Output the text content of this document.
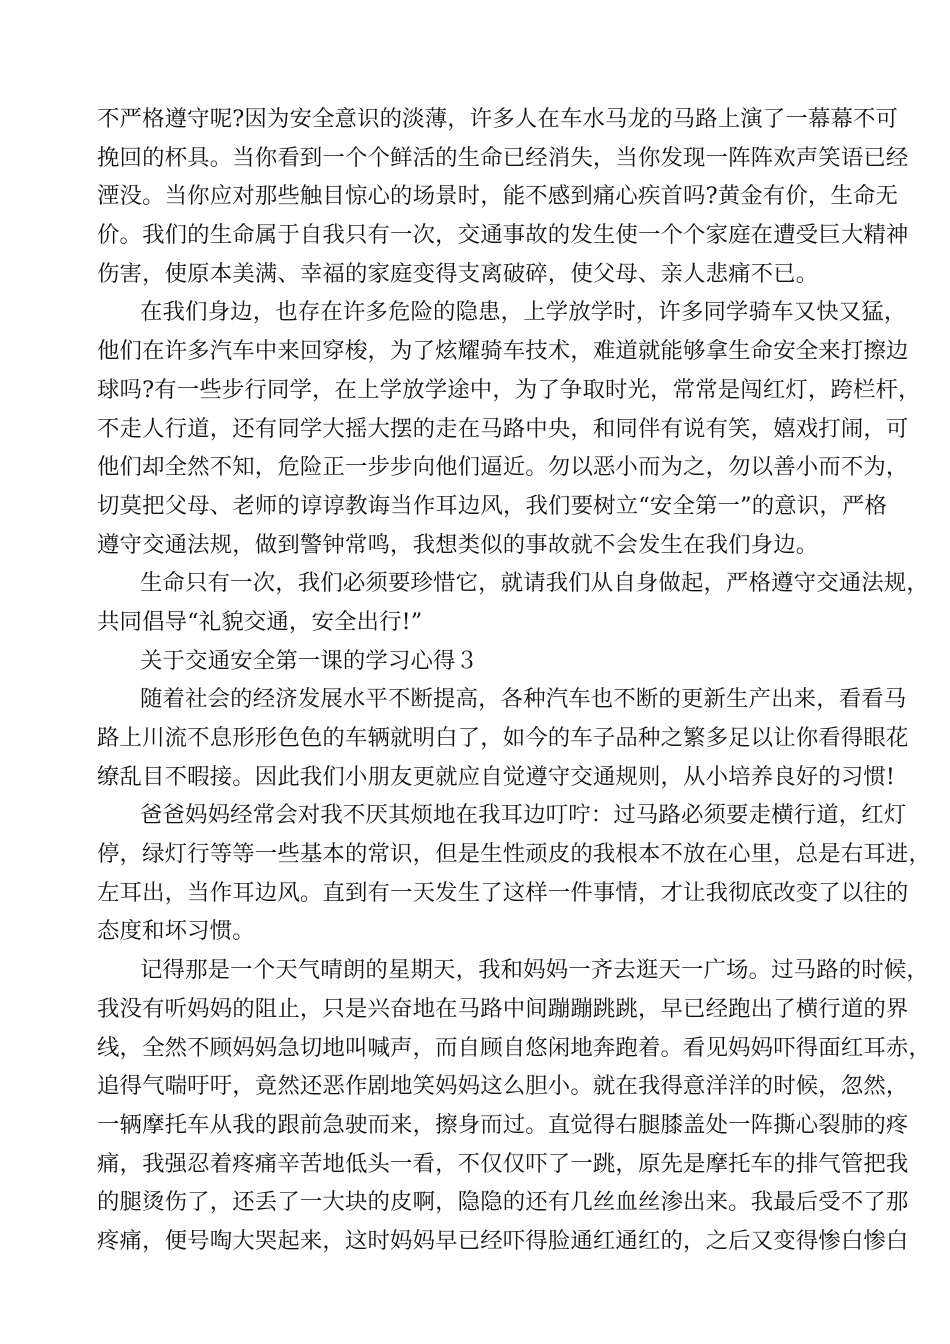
不严格遵守呢?因为安全意识的淡薄，许多人在车水马龙的马路上演了一幕幕不可
挽回的杯具。当你看到一个个鲜活的生命已经消失，当你发现一阵阵欢声笑语已经
湮没。当你应对那些触目惊心的场景时，能不感到痛心疾首吗?黄金有价，生命无
价。我们的生命属于自我只有一次，交通事故的发生使一个个家庭在遭受巨大精神
伤害，使原本美满、幸福的家庭变得支离破碎，使父母、亲人悲痛不已。
在我们身边，也存在许多危险的隐患，上学放学时，许多同学骑车又快又猛，
他们在许多汽车中来回穿梭，为了炫耀骑车技术，难道就能够拿生命安全来打擦边
球吗?有一些步行同学，在上学放学途中，为了争取时光，常常是闯红灯，跨栏杆，
不走人行道，还有同学大摇大摆的走在马路中央，和同伴有说有笑，嬉戏打闹，可
他们却全然不知，危险正一步步向他们逼近。勿以恶小而为之，勿以善小而不为，
切莫把父母、老师的谆谆教诲当作耳边风，我们要树立“安全第一”的意识，严格
遵守交通法规，做到警钟常鸣，我想类似的事故就不会发生在我们身边。
生命只有一次，我们必须要珍惜它，就请我们从自身做起，严格遵守交通法规，
共同倡导“礼貌交通，安全出行!”
关于交通安全第一课的学习心得３
随着社会的经济发展水平不断提高，各种汽车也不断的更新生产出来，看看马
路上川流不息形形色色的车辆就明白了，如今的车子品种之繁多足以让你看得眼花
缭乱目不暇接。因此我们小朋友更就应自觉遵守交通规则，从小培养良好的习惯!
爸爸妈妈经常会对我不厌其烦地在我耳边叮咛：过马路必须要走横行道，红灯
停，绿灯行等等一些基本的常识，但是生性顽皮的我根本不放在心里，总是右耳进，
左耳出，当作耳边风。直到有一天发生了这样一件事情，才让我彻底改变了以往的
态度和坏习惯。
记得那是一个天气晴朗的星期天，我和妈妈一齐去逛天一广场。过马路的时候，
我没有听妈妈的阻止，只是兴奋地在马路中间蹦蹦跳跳，早已经跑出了横行道的界
线，全然不顾妈妈急切地叫喊声，而自顾自悠闲地奔跑着。看见妈妈吓得面红耳赤，
追得气喘吁吁，竟然还恶作剧地笑妈妈这么胆小。就在我得意洋洋的时候，忽然，
一辆摩托车从我的跟前急驶而来，擦身而过。直觉得右腿膝盖处一阵撕心裂肺的疼
痛，我强忍着疼痛辛苦地低头一看，不仅仅吓了一跳，原先是摩托车的排气管把我
的腿烫伤了，还丢了一大块的皮啊，隐隐的还有几丝血丝渗出来。我最后受不了那
疼痛，便号啕大哭起来，这时妈妈早已经吓得脸通红通红的，之后又变得惨白惨白
